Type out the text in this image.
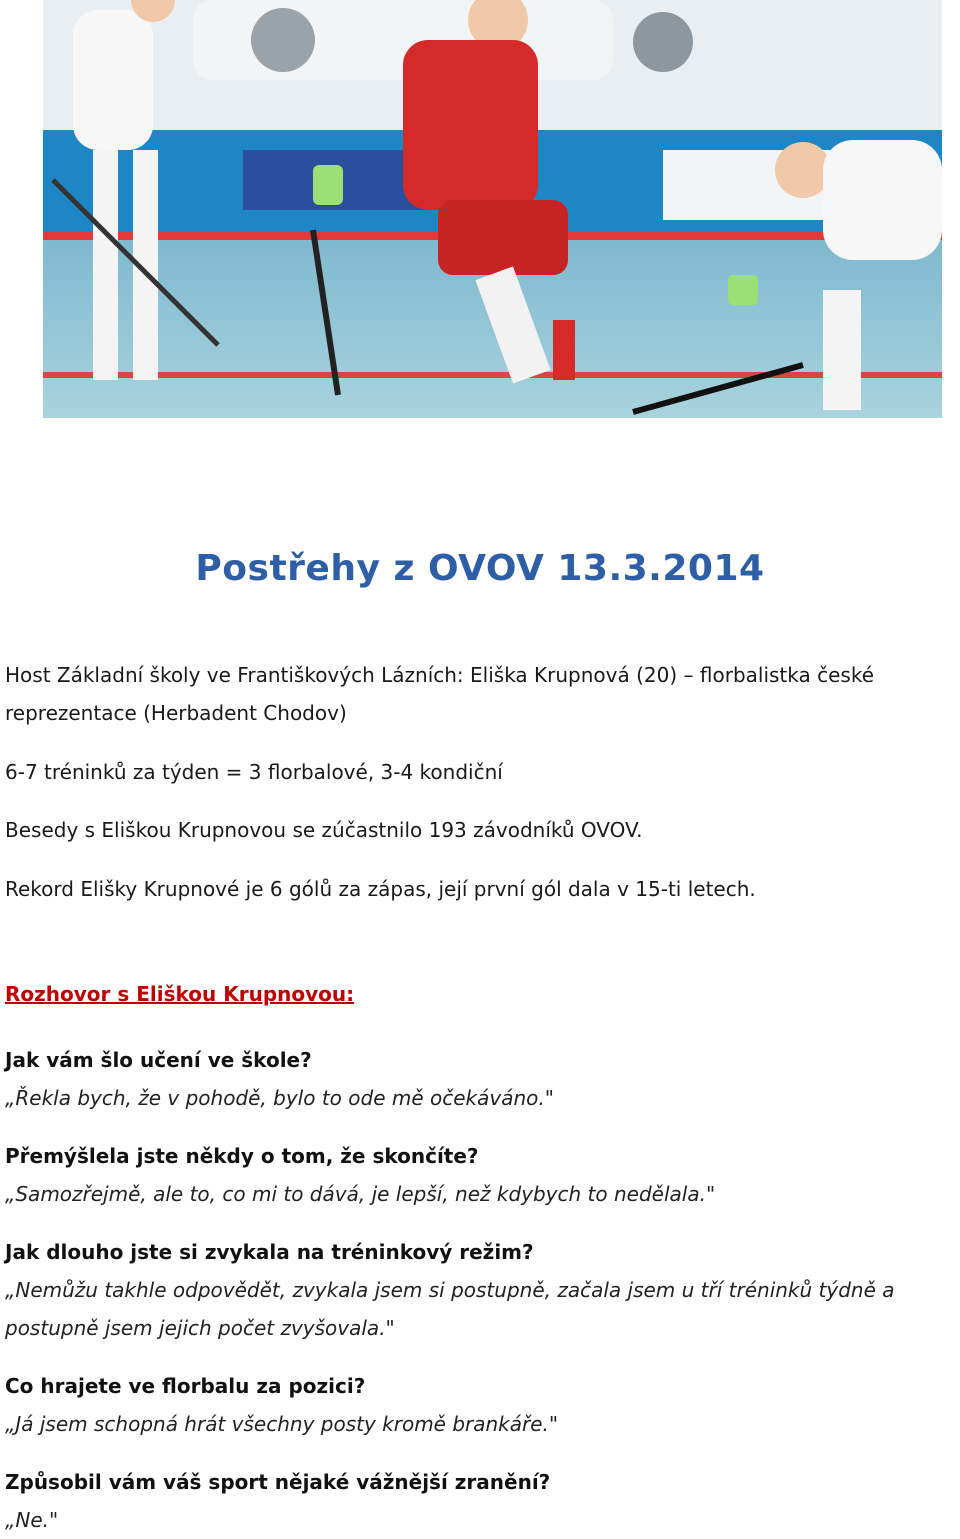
Postřehy z OVOV 13.3.2014
Host Základní školy ve Františkových Lázních: Eliška Krupnová (20) – florbalistka české reprezentace (Herbadent Chodov)
6-7 tréninků za týden = 3 florbalové, 3-4 kondiční
Besedy s Eliškou Krupnovou se zúčastnilo 193 závodníků OVOV.
Rekord Elišky Krupnové je 6 gólů za zápas, její první gól dala v 15-ti letech.
Rozhovor s Eliškou Krupnovou:

Jak vám šlo učení ve škole?

„Řekla bych, že v pohodě, bylo to ode mě očekáváno."

Přemýšlela jste někdy o tom, že skončíte?

„Samozřejmě, ale to, co mi to dává, je lepší, než kdybych to nedělala."

Jak dlouho jste si zvykala na tréninkový režim?

„Nemůžu takhle odpovědět, zvykala jsem si postupně, začala jsem u tří tréninků týdně a postupně jsem jejich počet zvyšovala."

Co hrajete ve florbalu za pozici?

„Já jsem schopná hrát všechny posty kromě brankáře."

Způsobil vám váš sport nějaké vážnější zranění?

„Ne."
